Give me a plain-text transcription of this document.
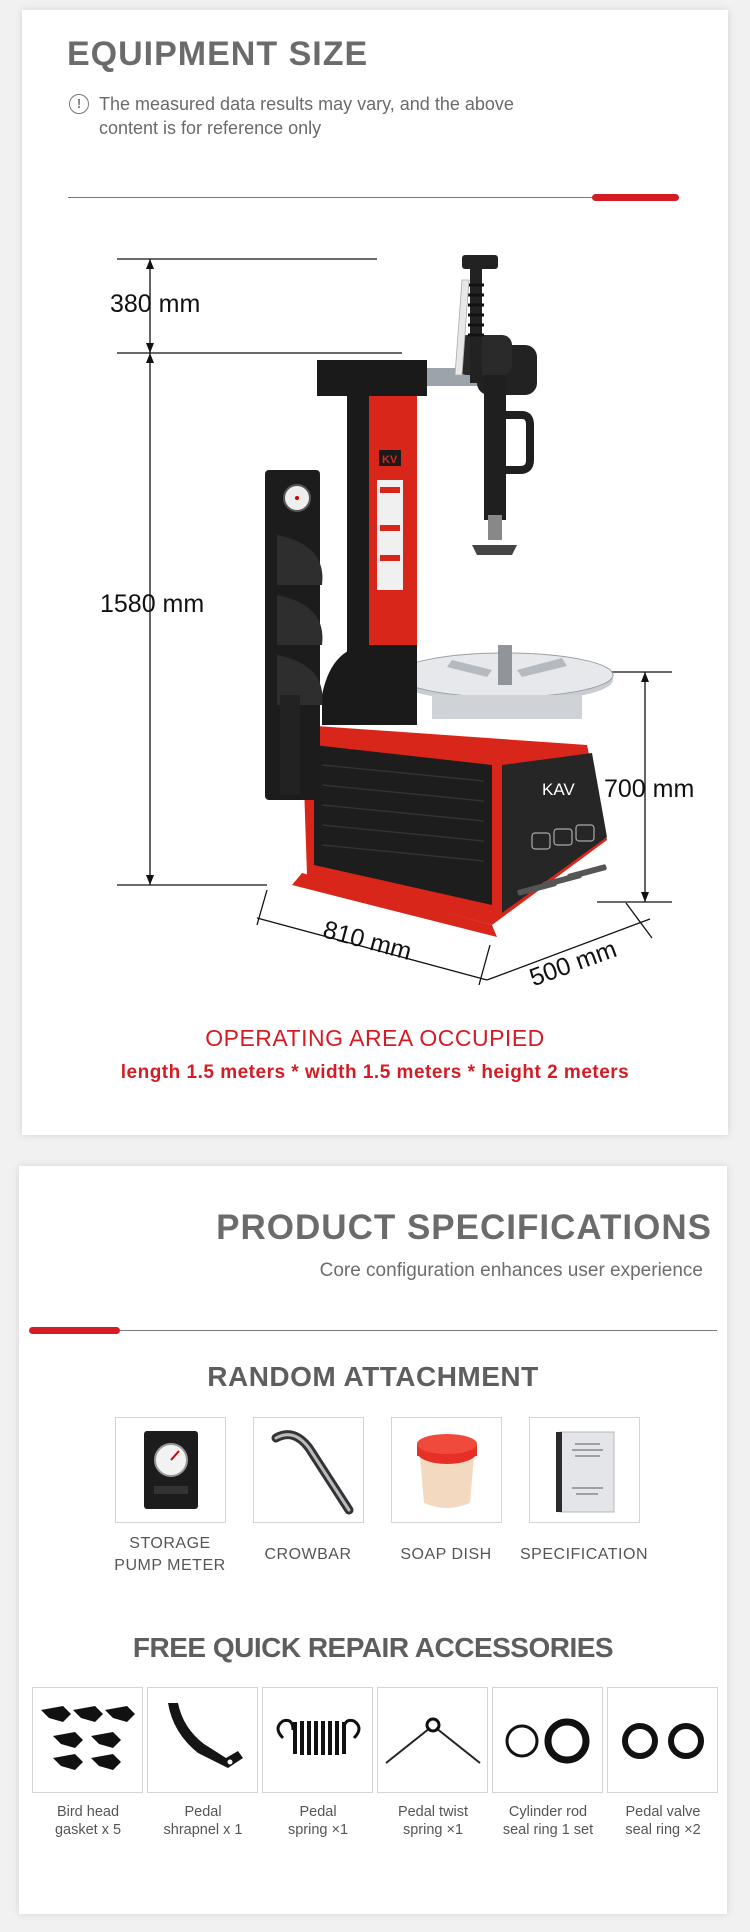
EQUIPMENT SIZE
! The measured data results may vary, and the above content is for reference only

KAV
KV
380 mm
1580 mm
700 mm
810 mm	500 mm
OPERATING AREA OCCUPIED
length 1.5 meters * width 1.5 meters * height 2 meters
PRODUCT SPECIFICATIONS

Core configuration enhances user experience

RANDOM ATTACHMENT
STORAGE
PUMP METER
CROWBAR	SOAP DISH	SPECIFICATION
FREE QUICK REPAIR ACCESSORIES
Bird head
gasket x 5
Pedal
shrapnel x 1
Pedal
spring ×1
Pedal twist
spring ×1
Cylinder rod
seal ring 1 set
Pedal valve
seal ring ×2
